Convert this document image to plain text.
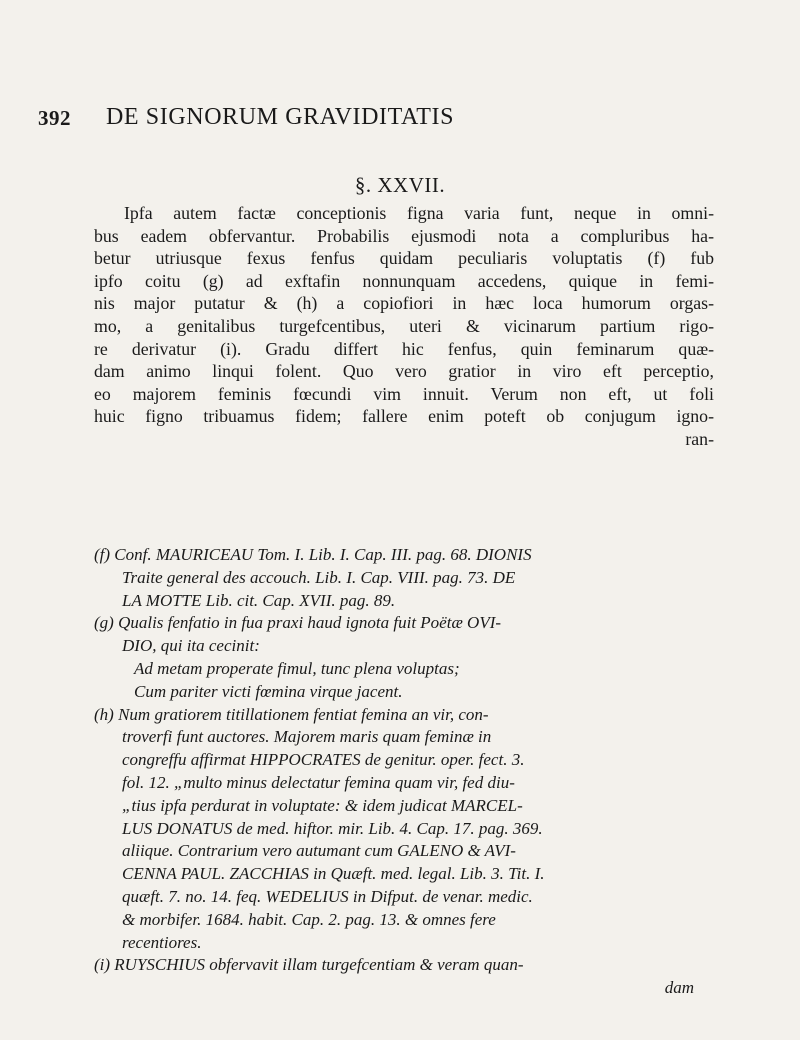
392 DE SIGNORUM GRAVIDITATIS
§. XXVII.
Ipfa autem factæ conceptionis figna varia funt, neque in omni-
bus eadem obfervantur. Probabilis ejusmodi nota a compluribus ha-
betur utriusque fexus fenfus quidam peculiaris voluptatis (f) fub
ipfo coitu (g) ad exftafin nonnunquam accedens, quique in femi-
nis major putatur & (h) a copiofiori in hæc loca humorum orgas-
mo, a genitalibus turgefcentibus, uteri & vicinarum partium rigo-
re derivatur (i). Gradu differt hic fenfus, quin feminarum quæ-
dam animo linqui folent. Quo vero gratior in viro eft perceptio,
eo majorem feminis fœcundi vim innuit. Verum non eft, ut foli
huic figno tribuamus fidem; fallere enim poteft ob conjugum igno-
ran-
(f) Conf. MAURICEAU Tom. I. Lib. I. Cap. III. pag. 68. DIONIS
Traite general des accouch. Lib. I. Cap. VIII. pag. 73. DE
LA MOTTE Lib. cit. Cap. XVII. pag. 89.
(g) Qualis fenfatio in fua praxi haud ignota fuit Poëtæ OVI-
DIO, qui ita cecinit:
Ad metam properate fimul, tunc plena voluptas;
Cum pariter victi fœmina virque jacent.
(h) Num gratiorem titillationem fentiat femina an vir, con-
troverfi funt auctores. Majorem maris quam feminæ in
congreffu affirmat HIPPOCRATES de genitur. oper. fect. 3.
fol. 12. „multo minus delectatur femina quam vir, fed diu-
„tius ipfa perdurat in voluptate: & idem judicat MARCEL-
LUS DONATUS de med. hiftor. mir. Lib. 4. Cap. 17. pag. 369.
aliique. Contrarium vero autumant cum GALENO & AVI-
CENNA PAUL. ZACCHIAS in Quæft. med. legal. Lib. 3. Tit. I.
quæft. 7. no. 14. feq. WEDELIUS in Difput. de venar. medic.
& morbifer. 1684. habit. Cap. 2. pag. 13. & omnes fere
recentiores.
(i) RUYSCHIUS obfervavit illam turgefcentiam & veram quan-
dam
